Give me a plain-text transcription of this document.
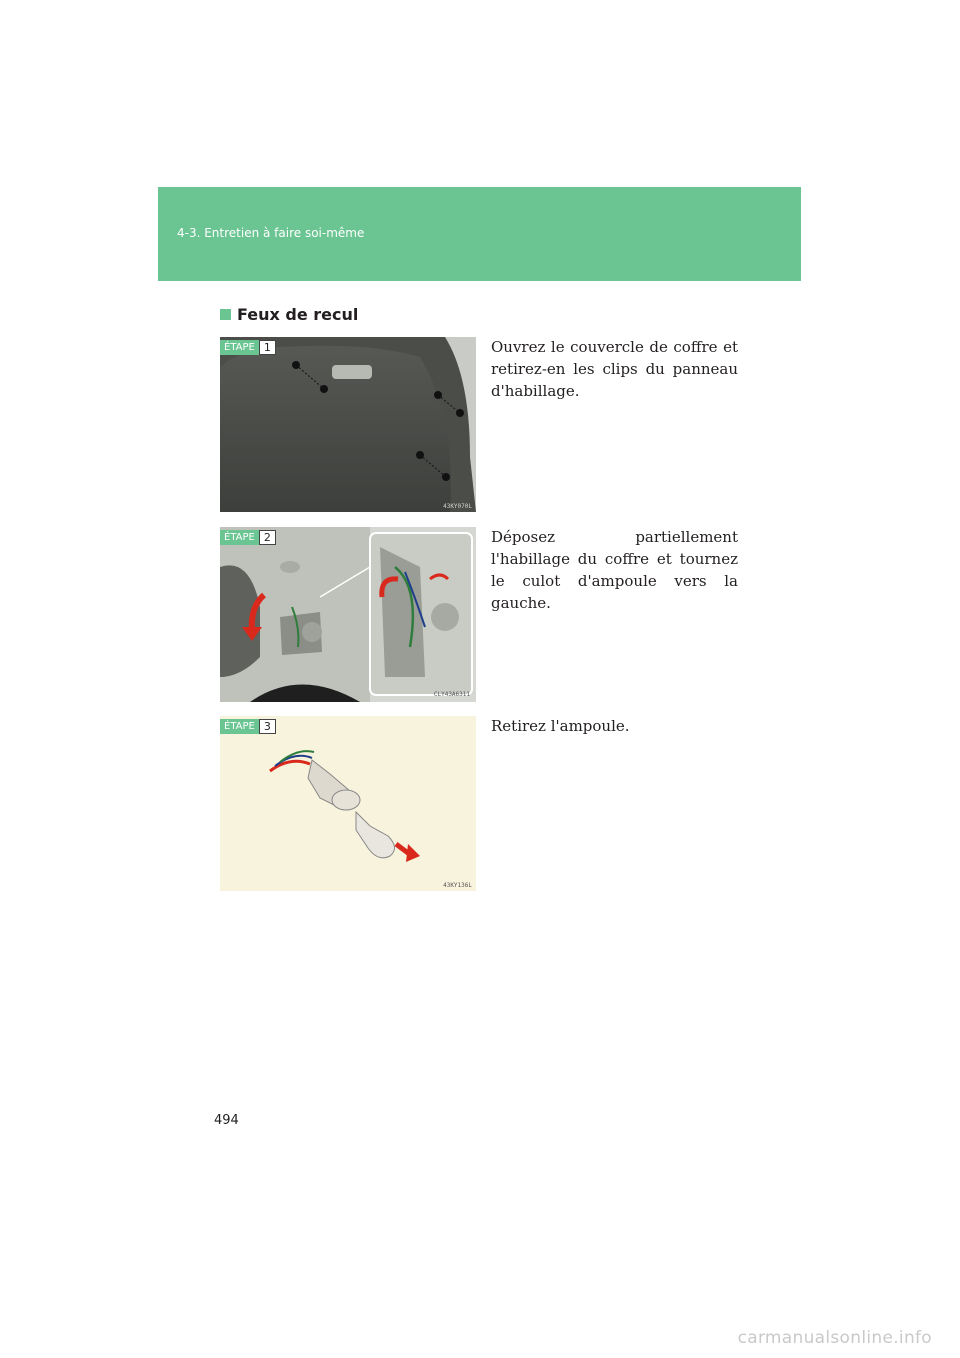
4-3. Entretien à faire soi-même
Feux de recul
ÉTAPE 1
43KY070L
Ouvrez le couvercle de coffre et retirez-en les clips du panneau d'habillage.
ÉTAPE 2
CLY43A6311
Déposez partiellement l'habillage du coffre et tournez le culot d'ampoule vers la gauche.
ÉTAPE 3
43KY136L
Retirez l'ampoule.
494
carmanualsonline.info
